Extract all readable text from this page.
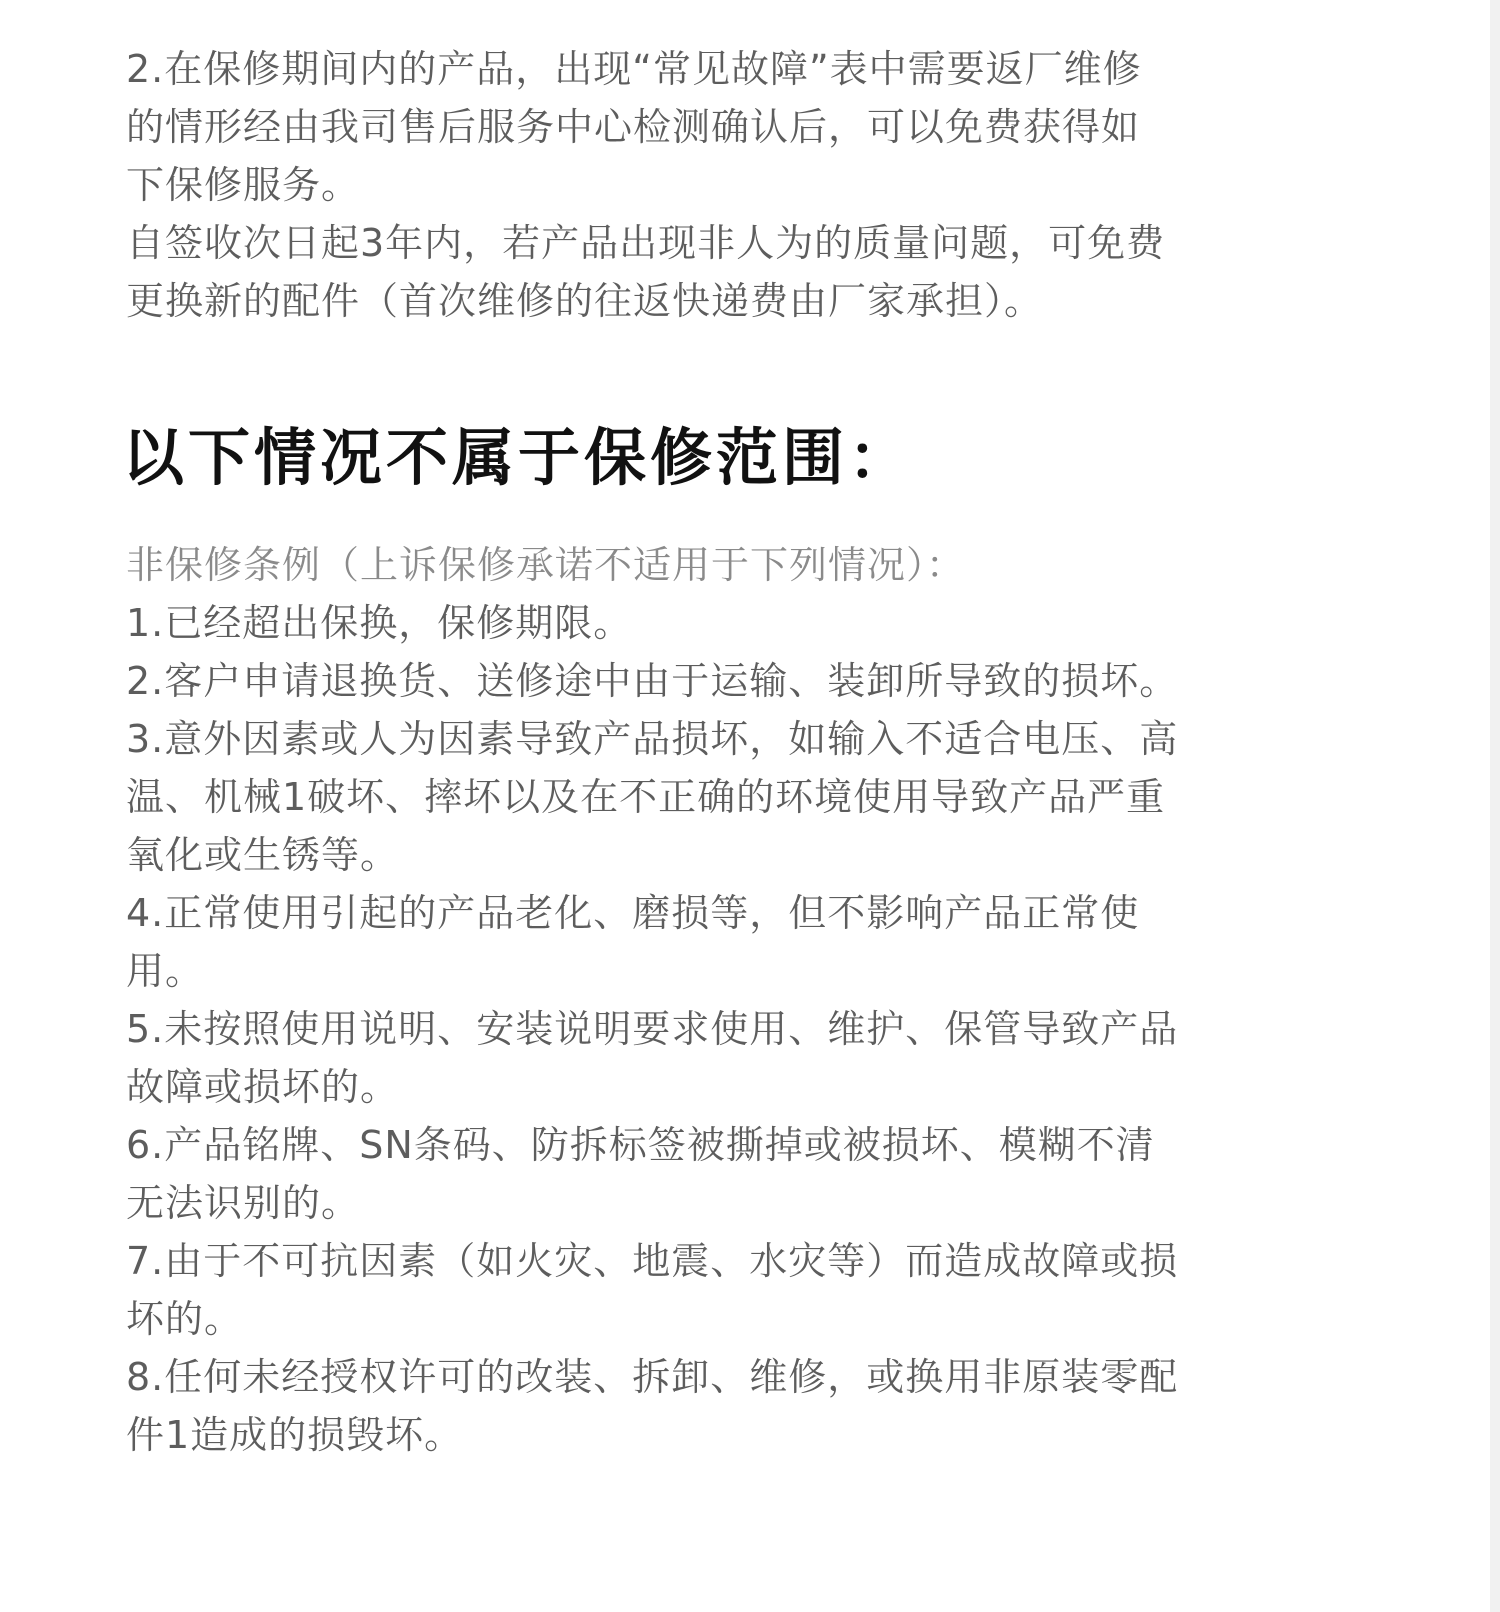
2.在保修期间内的产品，出现“常见故障”表中需要返厂维修
的情形经由我司售后服务中心检测确认后，可以免费获得如
下保修服务。
自签收次日起3年内，若产品出现非人为的质量问题，可免费
更换新的配件（首次维修的往返快递费由厂家承担）。
以下情况不属于保修范围：
非保修条例（上诉保修承诺不适用于下列情况）：
1.已经超出保换，保修期限。
2.客户申请退换货、送修途中由于运输、装卸所导致的损坏。
3.意外因素或人为因素导致产品损坏，如输入不适合电压、高
温、机械1破坏、摔坏以及在不正确的环境使用导致产品严重
氧化或生锈等。
4.正常使用引起的产品老化、磨损等，但不影响产品正常使
用。
5.未按照使用说明、安装说明要求使用、维护、保管导致产品
故障或损坏的。
6.产品铭牌、SN条码、防拆标签被撕掉或被损坏、模糊不清
无法识别的。
7.由于不可抗因素（如火灾、地震、水灾等）而造成故障或损
坏的。
8.任何未经授权许可的改装、拆卸、维修，或换用非原装零配
件1造成的损毁坏。
